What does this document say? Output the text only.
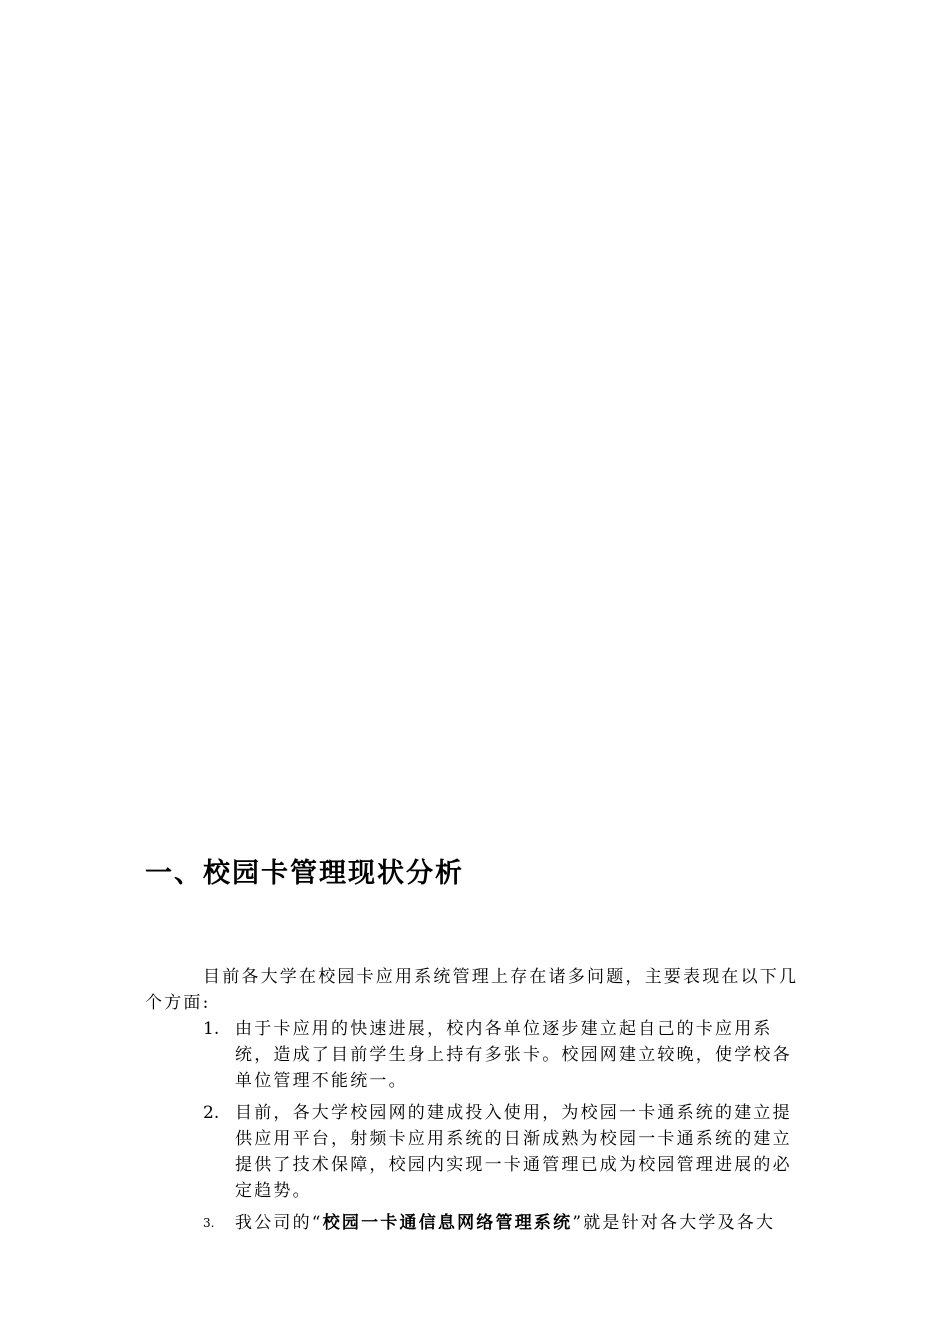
一、校园卡管理现状分析

目前各大学在校园卡应用系统管理上存在诸多问题，主要表现在以下几个方面:

1. 由于卡应用的快速进展，校内各单位逐步建立起自己的卡应用系统，造成了目前学生身上持有多张卡。校园网建立较晚，使学校各单位管理不能统一。
2. 目前，各大学校园网的建成投入使用，为校园一卡通系统的建立提供应用平台，射频卡应用系统的日渐成熟为校园一卡通系统的建立提供了技术保障，校园内实现一卡通管理已成为校园管理进展的必定趋势。
3. 我公司的“校园一卡通信息网络管理系统”就是针对各大学及各大
